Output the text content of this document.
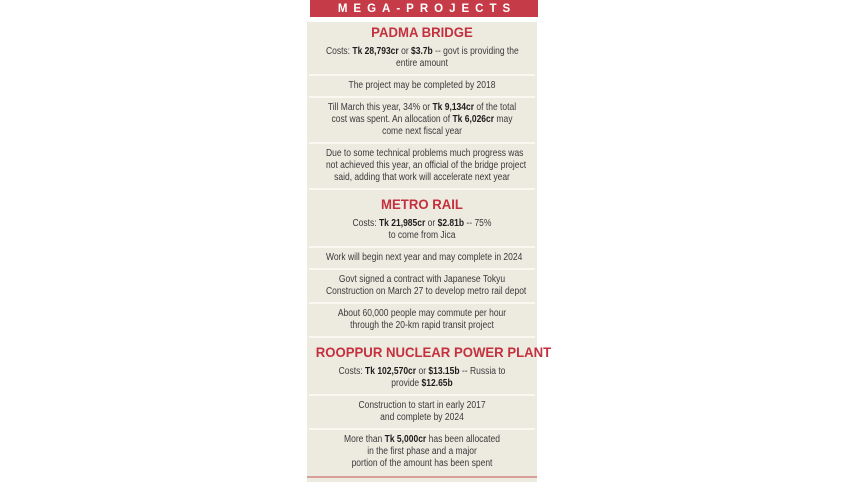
MEGA-PROJECTS
PADMA BRIDGE
Costs: Tk 28,793cr or $3.7b -- govt is providing the
entire amount
The project may be completed by 2018
Till March this year, 34% or Tk 9,134cr of the total
cost was spent. An allocation of Tk 6,026cr may
come next fiscal year
Due to some technical problems much progress was
not achieved this year, an official of the bridge project
said, adding that work will accelerate next year
METRO RAIL
Costs: Tk 21,985cr or $2.81b -- 75%
to come from Jica
Work will begin next year and may complete in 2024
Govt signed a contract with Japanese Tokyu
Construction on March 27 to develop metro rail depot
About 60,000 people may commute per hour
through the 20-km rapid transit project
ROOPPUR NUCLEAR POWER PLANT
Costs: Tk 102,570cr or $13.15b -- Russia to
provide $12.65b
Construction to start in early 2017
and complete by 2024
More than Tk 5,000cr has been allocated
in the first phase and a major
portion of the amount has been spent
